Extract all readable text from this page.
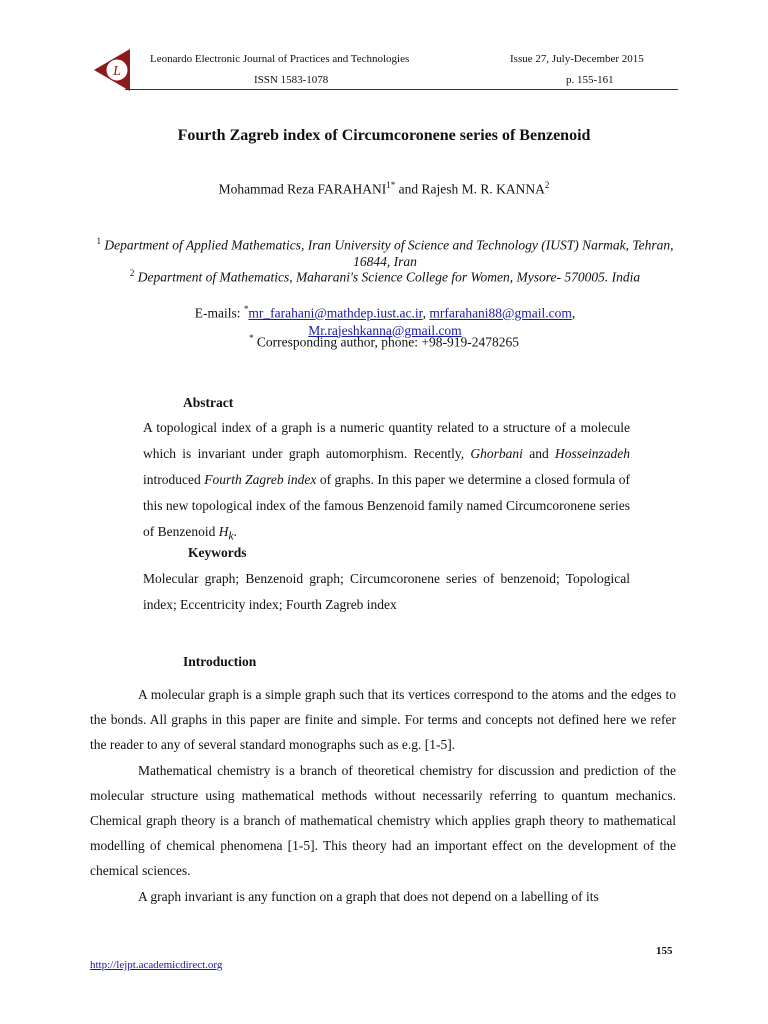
L
Leonardo Electronic Journal of Practices and Technologies	Issue 27, July-December 2015
ISSN 1583-1078	p. 155-161
Fourth Zagreb index of Circumcoronene series of Benzenoid
Mohammad Reza $FARAHANI^{1*}$ and Rajesh M. R. KANNA$^2$
$^1$ Department of Applied Mathematics, Iran University of Science and Technology (IUST) Narmak, Tehran, 16844, Iran
$^2$ Department of Mathematics, Maharani's Science College for Women, Mysore- 570005. India
E-mails: *mr_farahani@mathdep.iust.ac.ir, mrfarahani88@gmail.com,
Mr.rajeshkanna@gmail.com
* Corresponding author, phone: +98-919-2478265
Abstract
A topological index of a graph is a numeric quantity related to a structure of a molecule which is invariant under graph automorphism. Recently, Ghorbani and Hosseinzadeh introduced Fourth Zagreb index of graphs. In this paper we determine a closed formula of this new topological index of the famous Benzenoid family named Circumcoronene series of Benzenoid $H_k$.
Keywords
Molecular graph; Benzenoid graph; Circumcoronene series of benzenoid; Topological index; Eccentricity index; Fourth Zagreb index
Introduction

A molecular graph is a simple graph such that its vertices correspond to the atoms and the edges to the bonds. All graphs in this paper are finite and simple. For terms and concepts not defined here we refer the reader to any of several standard monographs such as e.g. [1-5].

Mathematical chemistry is a branch of theoretical chemistry for discussion and prediction of the molecular structure using mathematical methods without necessarily referring to quantum mechanics. Chemical graph theory is a branch of mathematical chemistry which applies graph theory to mathematical modelling of chemical phenomena [1-5]. This theory had an important effect on the development of the chemical sciences.

A graph invariant is any function on a graph that does not depend on a labelling of its

155
http://lejpt.academicdirect.org
